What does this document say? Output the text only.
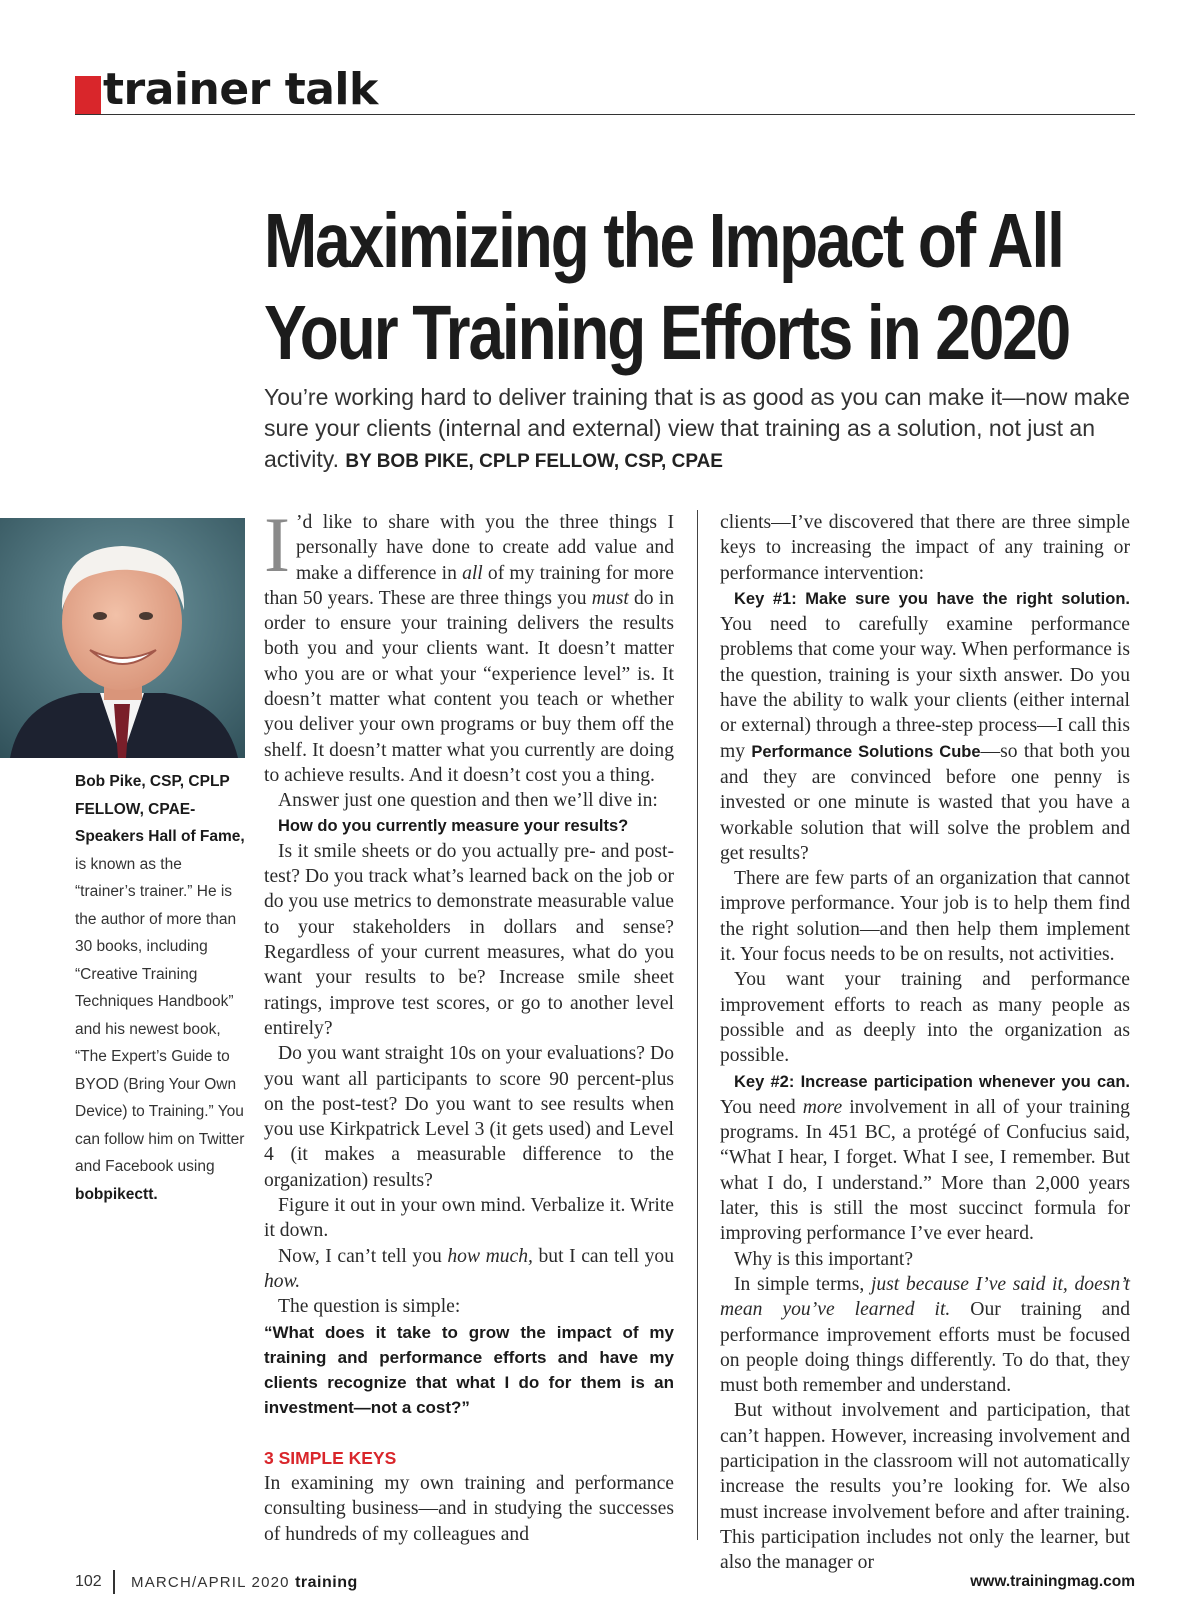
trainer talk
Maximizing the Impact of All
Your Training Efforts in 2020
You’re working hard to deliver training that is as good as you can make it—now make sure your clients (internal and external) view that training as a solution, not just an activity. BY BOB PIKE, CPLP FELLOW, CSP, CPAE
Bob Pike, CSP, CPLP FELLOW, CPAE-Speakers Hall of Fame, is known as the “trainer’s trainer.” He is the author of more than 30 books, including “Creative Training Techniques Handbook” and his newest book, “The Expert’s Guide to BYOD (Bring Your Own Device) to Training.” You can follow him on Twitter and Facebook using bobpikectt.

I ’d like to share with you the three things I personally have done to create add value and make a difference in all of my training for more than 50 years. These are three things you must do in order to ensure your training delivers the results both you and your clients want. It doesn’t matter who you are or what your “experience level” is. It doesn’t matter what content you teach or whether you deliver your own programs or buy them off the shelf. It doesn’t matter what you currently are doing to achieve results. And it doesn’t cost you a thing.

Answer just one question and then we’ll dive in:

How do you currently measure your results?

Is it smile sheets or do you actually pre- and post-test? Do you track what’s learned back on the job or do you use metrics to demonstrate measurable value to your stakeholders in dollars and sense? Regardless of your current measures, what do you want your results to be? Increase smile sheet ratings, improve test scores, or go to another level entirely?

Do you want straight 10s on your evaluations? Do you want all participants to score 90 percent-plus on the post-test? Do you want to see results when you use Kirkpatrick Level 3 (it gets used) and Level 4 (it makes a measurable difference to the organization) results?

Figure it out in your own mind. Verbalize it. Write it down.

Now, I can’t tell you how much, but I can tell you how.

The question is simple:

“What does it take to grow the impact of my training and performance efforts and have my clients recognize that what I do for them is an investment—not a cost?”

3 SIMPLE KEYS

In examining my own training and performance consulting business—and in studying the successes of hundreds of my colleagues and

clients—I’ve discovered that there are three simple keys to increasing the impact of any training or performance intervention:

Key #1: Make sure you have the right solution. You need to carefully examine performance problems that come your way. When performance is the question, training is your sixth answer. Do you have the ability to walk your clients (either internal or external) through a three-step process—I call this my Performance Solutions Cube—so that both you and they are convinced before one penny is invested or one minute is wasted that you have a workable solution that will solve the problem and get results?

There are few parts of an organization that cannot improve performance. Your job is to help them find the right solution—and then help them implement it. Your focus needs to be on results, not activities.

You want your training and performance improvement efforts to reach as many people as possible and as deeply into the organization as possible.

Key #2: Increase participation whenever you can. You need more involvement in all of your training programs. In 451 BC, a protégé of Confucius said, “What I hear, I forget. What I see, I remember. But what I do, I understand.” More than 2,000 years later, this is still the most succinct formula for improving performance I’ve ever heard.

Why is this important?

In simple terms, just because I’ve said it, doesn’t mean you’ve learned it. Our training and performance improvement efforts must be focused on people doing things differently. To do that, they must both remember and understand.

But without involvement and participation, that can’t happen. However, increasing involvement and participation in the classroom will not automatically increase the results you’re looking for. We also must increase involvement before and after training. This participation includes not only the learner, but also the manager or

102 MARCH/APRIL 2020 training	www.trainingmag.com
